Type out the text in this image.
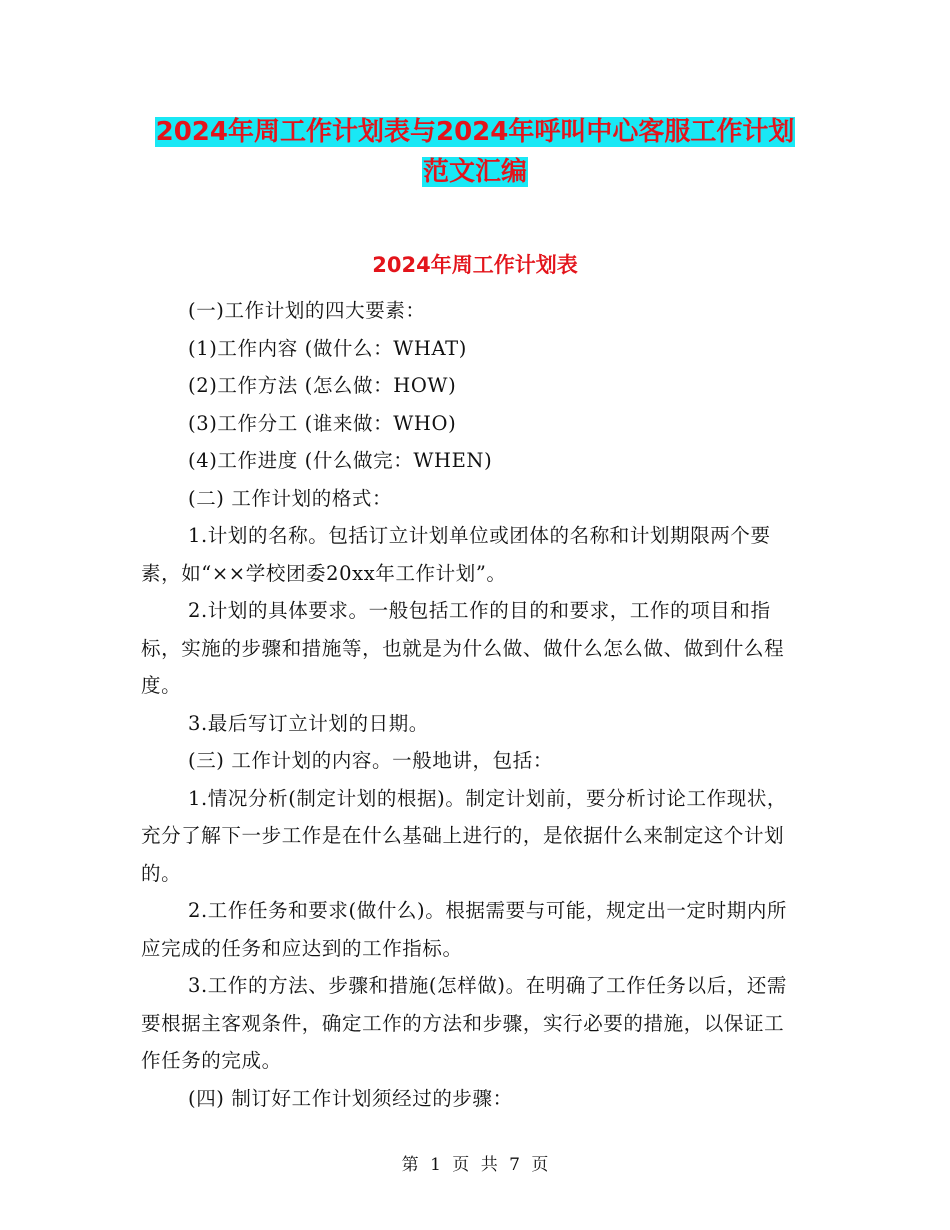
2024年周工作计划表与2024年呼叫中心客服工作计划
范文汇编
2024年周工作计划表

(一)工作计划的四大要素：

(1)工作内容 (做什么：WHAT)

(2)工作方法 (怎么做：HOW)

(3)工作分工 (谁来做：WHO)

(4)工作进度 (什么做完：WHEN)

(二) 工作计划的格式：

1.计划的名称。包括订立计划单位或团体的名称和计划期限两个要素，如“××学校团委20xx年工作计划”。

2.计划的具体要求。一般包括工作的目的和要求，工作的项目和指标，实施的步骤和措施等，也就是为什么做、做什么怎么做、做到什么程度。

3.最后写订立计划的日期。

(三) 工作计划的内容。一般地讲，包括：

1.情况分析(制定计划的根据)。制定计划前，要分析讨论工作现状，充分了解下一步工作是在什么基础上进行的，是依据什么来制定这个计划的。

2.工作任务和要求(做什么)。根据需要与可能，规定出一定时期内所应完成的任务和应达到的工作指标。

3.工作的方法、步骤和措施(怎样做)。在明确了工作任务以后，还需要根据主客观条件，确定工作的方法和步骤，实行必要的措施，以保证工作任务的完成。

(四) 制订好工作计划须经过的步骤：

第 1 页 共 7 页
